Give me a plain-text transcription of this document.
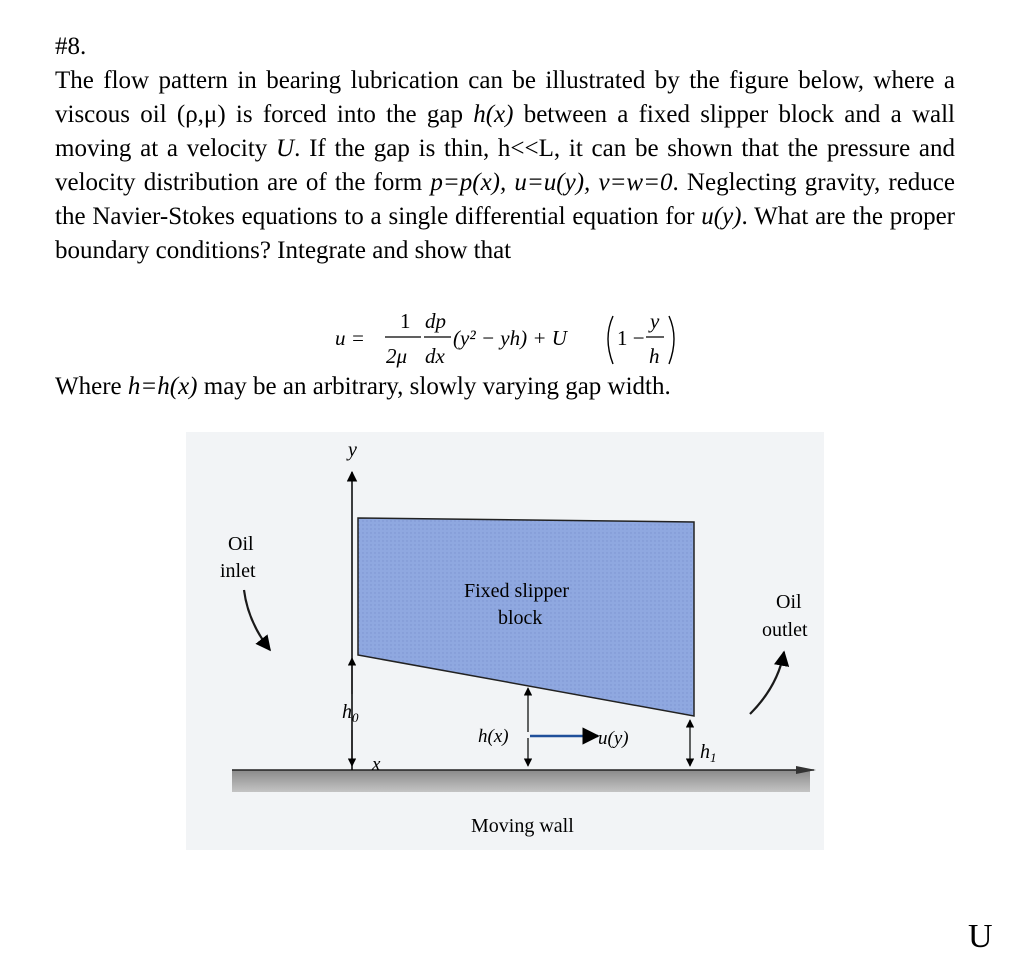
#8.
The flow pattern in bearing lubrication can be illustrated by the figure below, where a viscous oil (ρ,μ) is forced into the gap h(x) between a fixed slipper block and a wall moving at a velocity U. If the gap is thin, h<<L, it can be shown that the pressure and velocity distribution are of the form p=p(x), u=u(y), v=w=0. Neglecting gravity, reduce the Navier-Stokes equations to a single differential equation for u(y). What are the proper boundary conditions? Integrate and show that
u =
1
2μ
dp
dx
(y² − yh) + U 1 −
y
h
Where h=h(x) may be an arbitrary, slowly varying gap width.
y
x
Oil
inlet
Fixed slipper
block
$h_0$
h(x)	u(y)
$h_1$
Oil
outlet
Moving wall
U
